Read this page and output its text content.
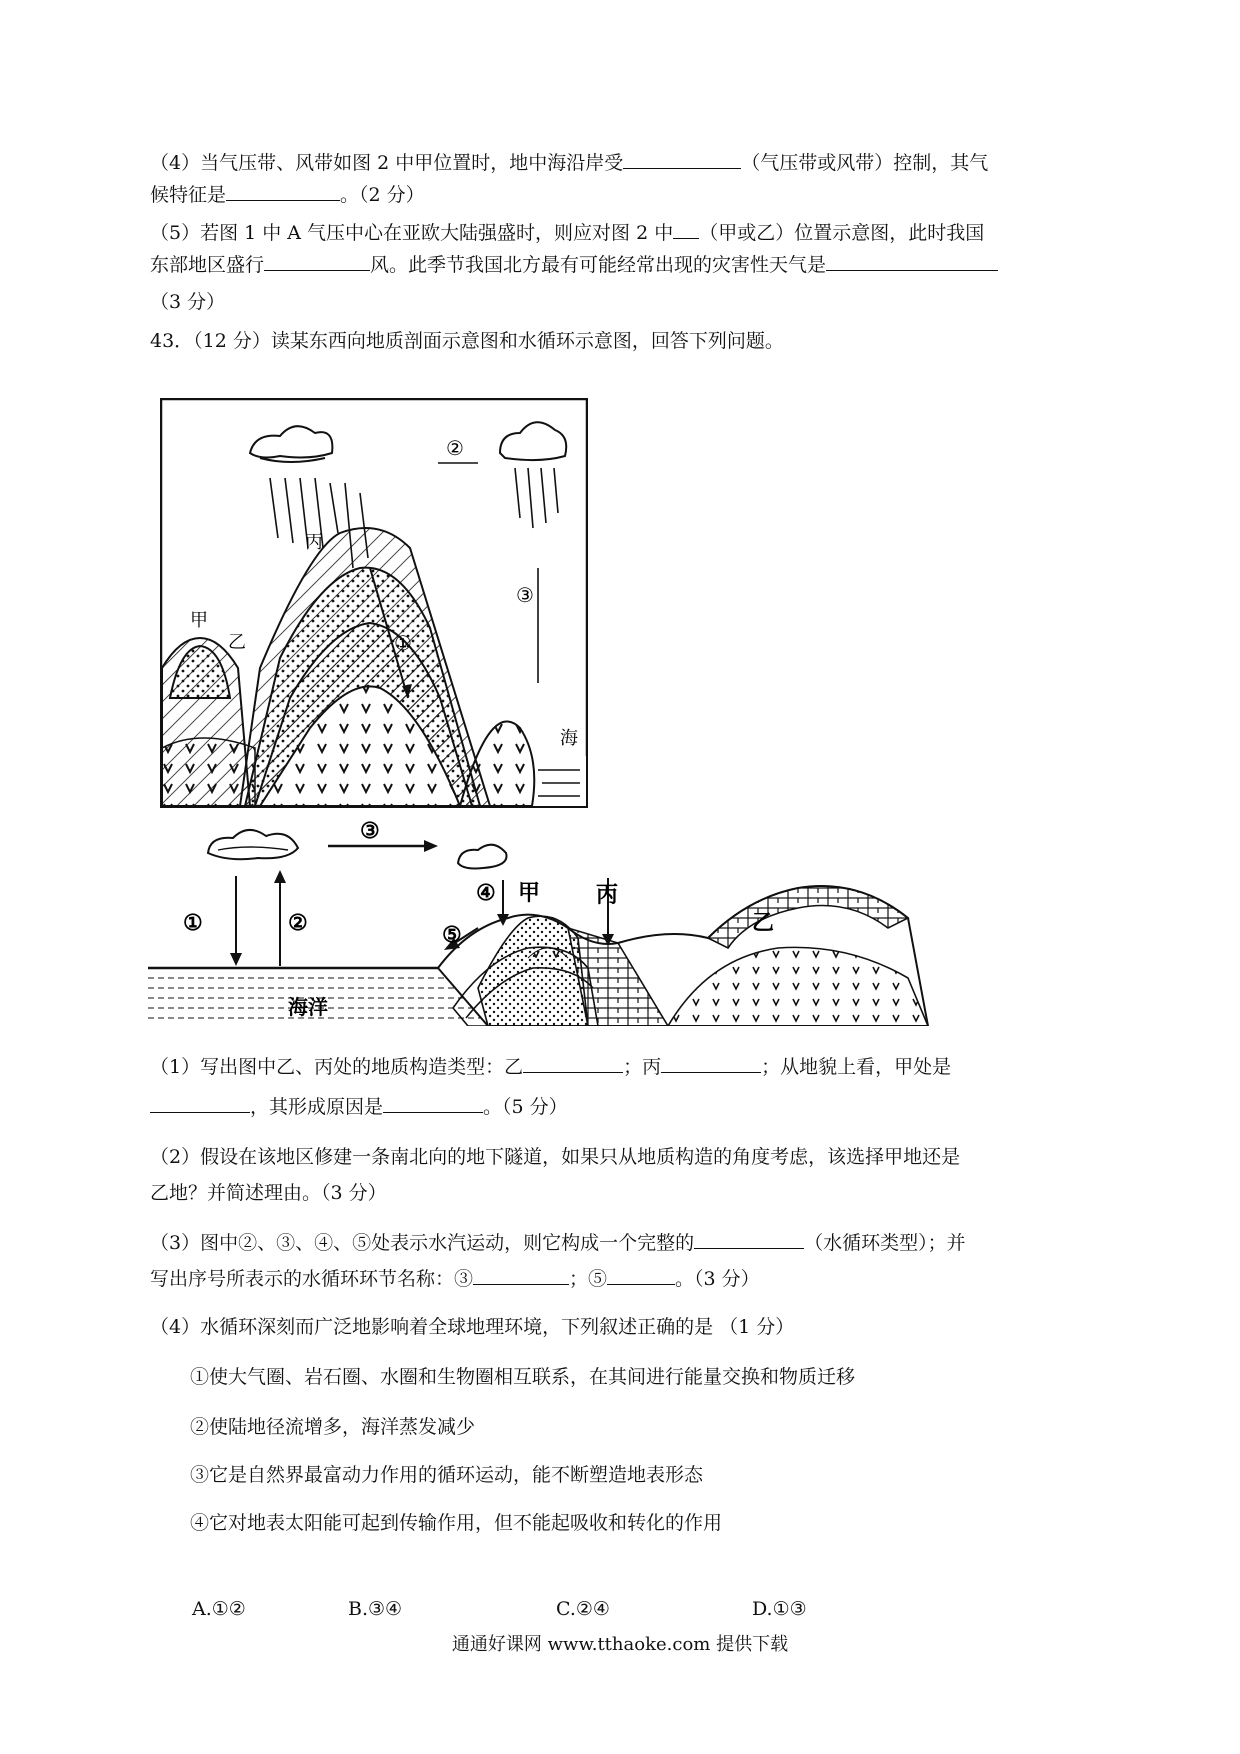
（4）当气压带、风带如图 2 中甲位置时，地中海沿岸受	（气压带或风带）控制，其气
候特征是	。（2 分）
（5）若图 1 中 A 气压中心在亚欧大陆强盛时，则应对图 2 中 （甲或乙）位置示意图，此时我国
东部地区盛行	风。此季节我国北方最有可能经常出现的灾害性天气是
（3 分）
43．（12 分）读某东西向地质剖面示意图和水循环示意图，回答下列问题。
丙
甲
乙
海
①
②
③
①	②
③
④
⑤
甲	丙
乙
海洋
（1）写出图中乙、丙处的地质构造类型：乙	；丙	；从地貌上看，甲处是
，其形成原因是	。（5 分）
（2）假设在该地区修建一条南北向的地下隧道，如果只从地质构造的角度考虑，该选择甲地还是
乙地？并简述理由。（3 分）
（3）图中②、③、④、⑤处表示水汽运动，则它构成一个完整的	（水循环类型）；并
写出序号所表示的水循环环节名称：③	；⑤	。（3 分）
（4）水循环深刻而广泛地影响着全球地理环境，下列叙述正确的是 （1 分）
①使大气圈、岩石圈、水圈和生物圈相互联系，在其间进行能量交换和物质迁移
②使陆地径流增多，海洋蒸发减少
③它是自然界最富动力作用的循环运动，能不断塑造地表形态
④它对地表太阳能可起到传输作用，但不能起吸收和转化的作用
A.①②	B.③④	C.②④	D.①③
通通好课网 www.tthaoke.com 提供下载
